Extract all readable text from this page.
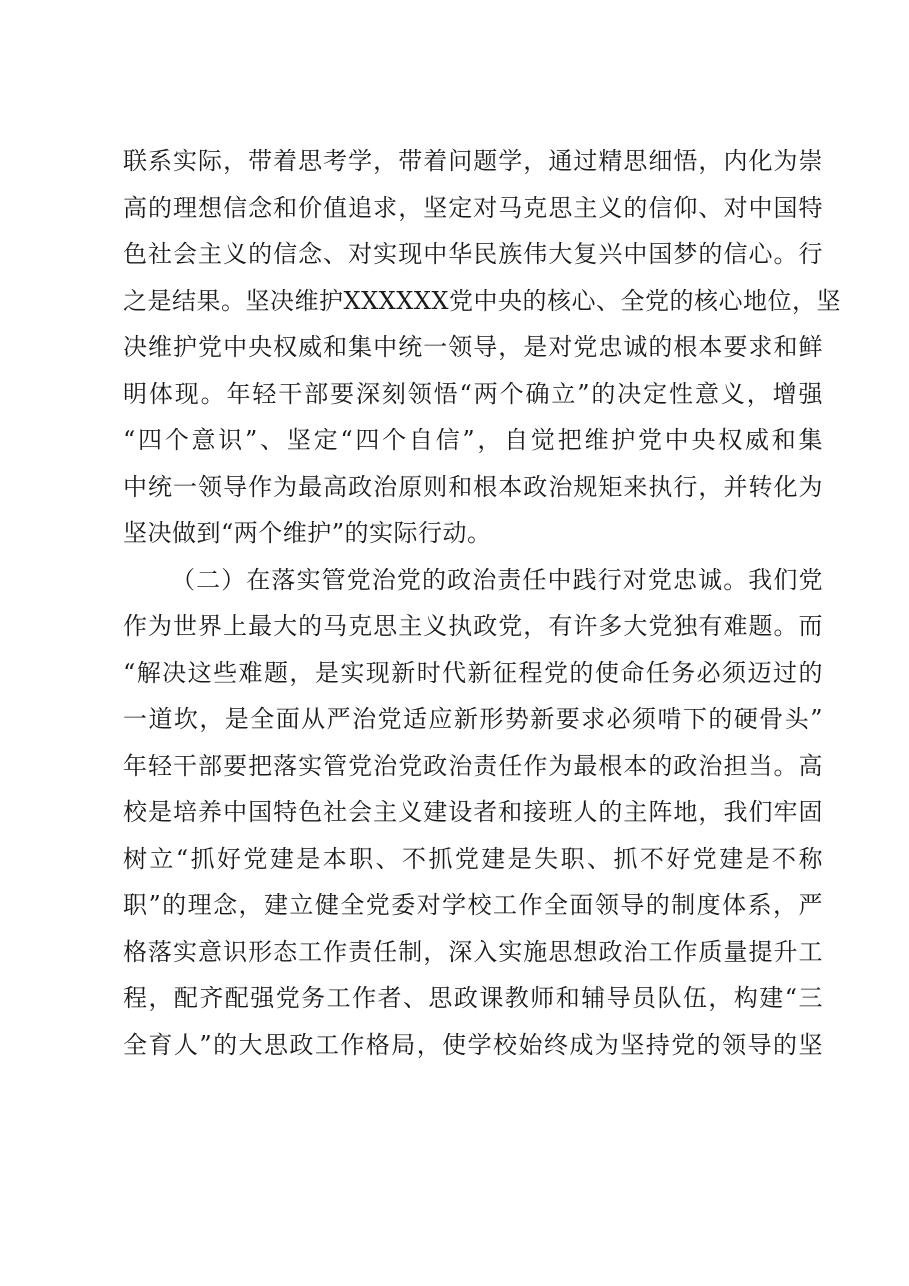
联系实际，带着思考学，带着问题学，通过精思细悟，内化为崇
高的理想信念和价值追求，坚定对马克思主义的信仰、对中国特
色社会主义的信念、对实现中华民族伟大复兴中国梦的信心。行
之是结果。坚决维护XXXXXX党中央的核心、全党的核心地位，坚
决维护党中央权威和集中统一领导，是对党忠诚的根本要求和鲜
明体现。年轻干部要深刻领悟“两个确立”的决定性意义，增强
“四个意识”、坚定“四个自信”，自觉把维护党中央权威和集
中统一领导作为最高政治原则和根本政治规矩来执行，并转化为
坚决做到“两个维护”的实际行动。
（二）在落实管党治党的政治责任中践行对党忠诚。我们党
作为世界上最大的马克思主义执政党，有许多大党独有难题。而
“解决这些难题，是实现新时代新征程党的使命任务必须迈过的
一道坎，是全面从严治党适应新形势新要求必须啃下的硬骨头”
年轻干部要把落实管党治党政治责任作为最根本的政治担当。高
校是培养中国特色社会主义建设者和接班人的主阵地，我们牢固
树立“抓好党建是本职、不抓党建是失职、抓不好党建是不称
职”的理念，建立健全党委对学校工作全面领导的制度体系，严
格落实意识形态工作责任制，深入实施思想政治工作质量提升工
程，配齐配强党务工作者、思政课教师和辅导员队伍，构建“三
全育人”的大思政工作格局，使学校始终成为坚持党的领导的坚
